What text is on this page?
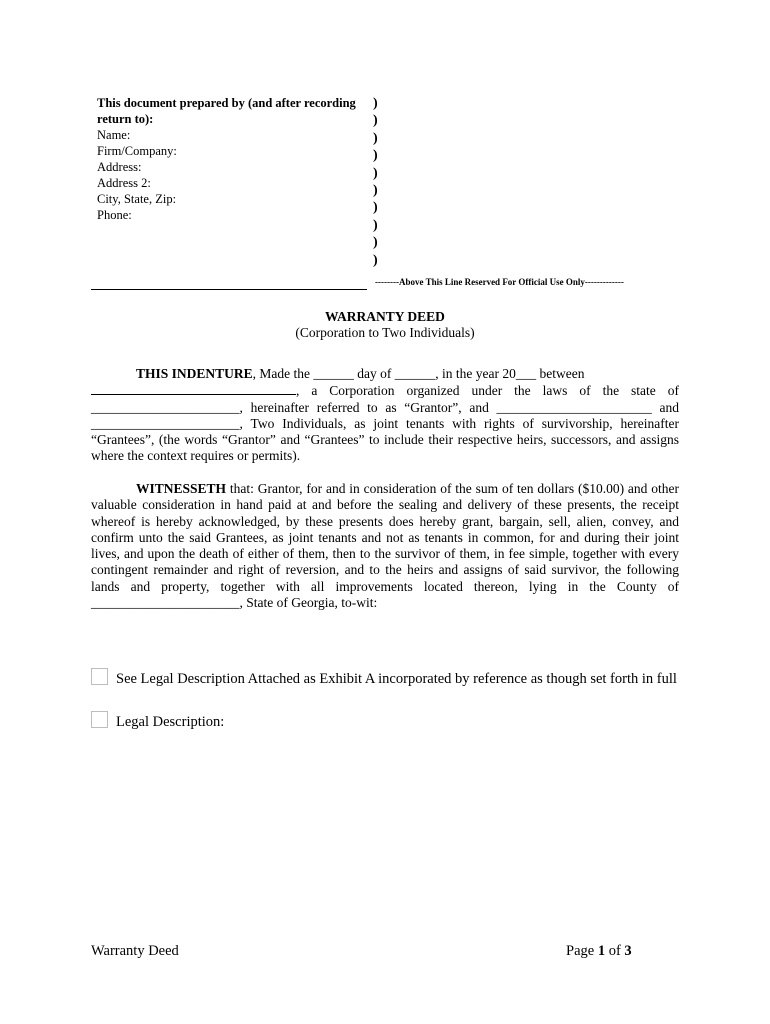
This document prepared by (and after recording return to):
Name:
Firm/Company:
Address:
Address 2:
City, State, Zip:
Phone:
)
)
)
)
)
)
)
)
)
)
--------Above This Line Reserved For Official Use Only-------------
WARRANTY DEED
(Corporation to Two Individuals)
THIS INDENTURE, Made the ______ day of ______, in the year 20___ between
, a Corporation organized under the laws of the state of ______________________, hereinafter referred to as “Grantor”, and _______________________ and ______________________, Two Individuals, as joint tenants with rights of survivorship, hereinafter “Grantees”, (the words “Grantor” and “Grantees” to include their respective heirs, successors, and assigns where the context requires or permits).
WITNESSETH that: Grantor, for and in consideration of the sum of ten dollars ($10.00) and other valuable consideration in hand paid at and before the sealing and delivery of these presents, the receipt whereof is hereby acknowledged, by these presents does hereby grant, bargain, sell, alien, convey, and confirm unto the said Grantees, as joint tenants and not as tenants in common, for and during their joint lives, and upon the death of either of them, then to the survivor of them, in fee simple, together with every contingent remainder and right of reversion, and to the heirs and assigns of said survivor, the following lands and property, together with all improvements located thereon, lying in the County of ______________________, State of Georgia, to-wit:
See Legal Description Attached as Exhibit A incorporated by reference as though set forth in full
Legal Description:
Warranty Deed	Page 1 of 3
